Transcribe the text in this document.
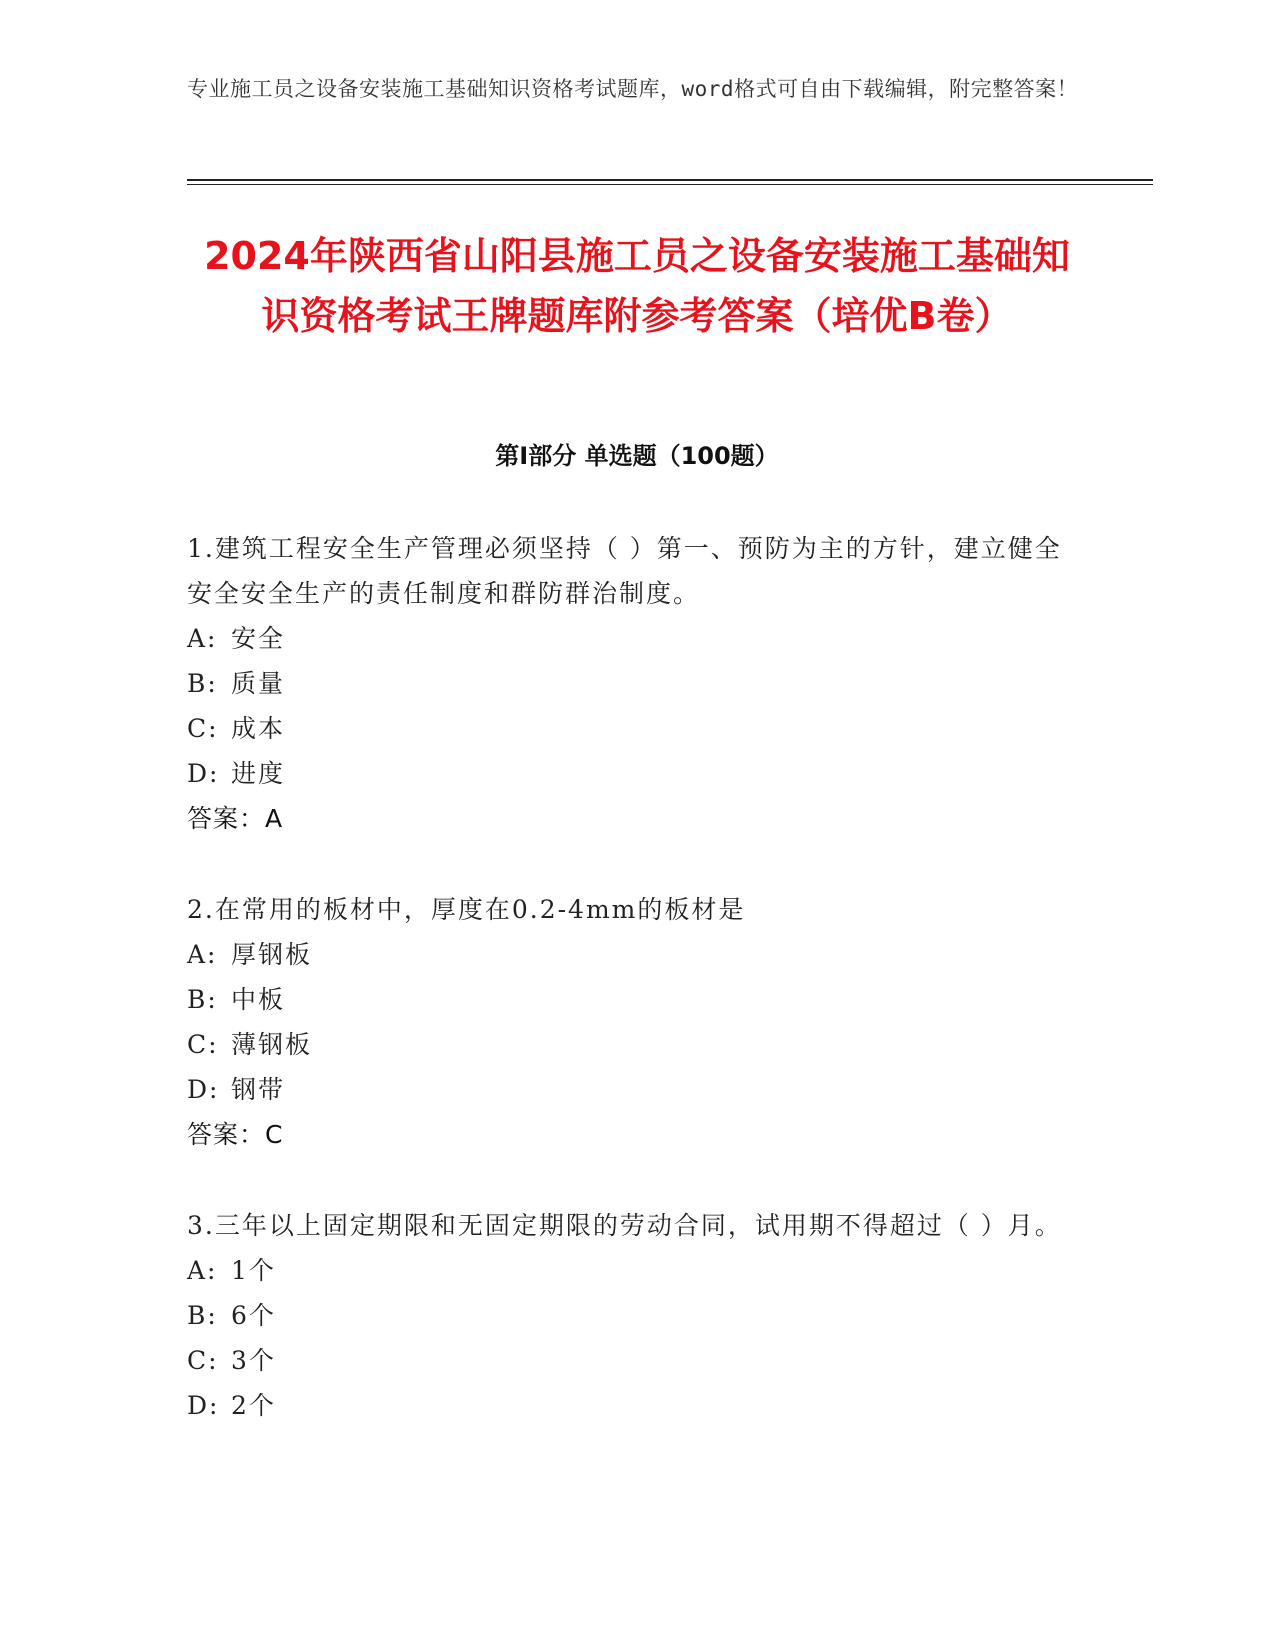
专业施工员之设备安装施工基础知识资格考试题库，word格式可自由下载编辑，附完整答案！
2024年陕西省山阳县施工员之设备安装施工基础知识资格考试王牌题库附参考答案（培优B卷）
第I部分 单选题（100题）
1.建筑工程安全生产管理必须坚持（ ）第一、预防为主的方针，建立健全安全安全生产的责任制度和群防群治制度。
A: 安全
B: 质量
C: 成本
D: 进度
答案：A
2.在常用的板材中，厚度在0.2-4mm的板材是
A: 厚钢板
B: 中板
C: 薄钢板
D: 钢带
答案：C
3.三年以上固定期限和无固定期限的劳动合同，试用期不得超过（ ）月。
A: 1个
B: 6个
C: 3个
D: 2个
